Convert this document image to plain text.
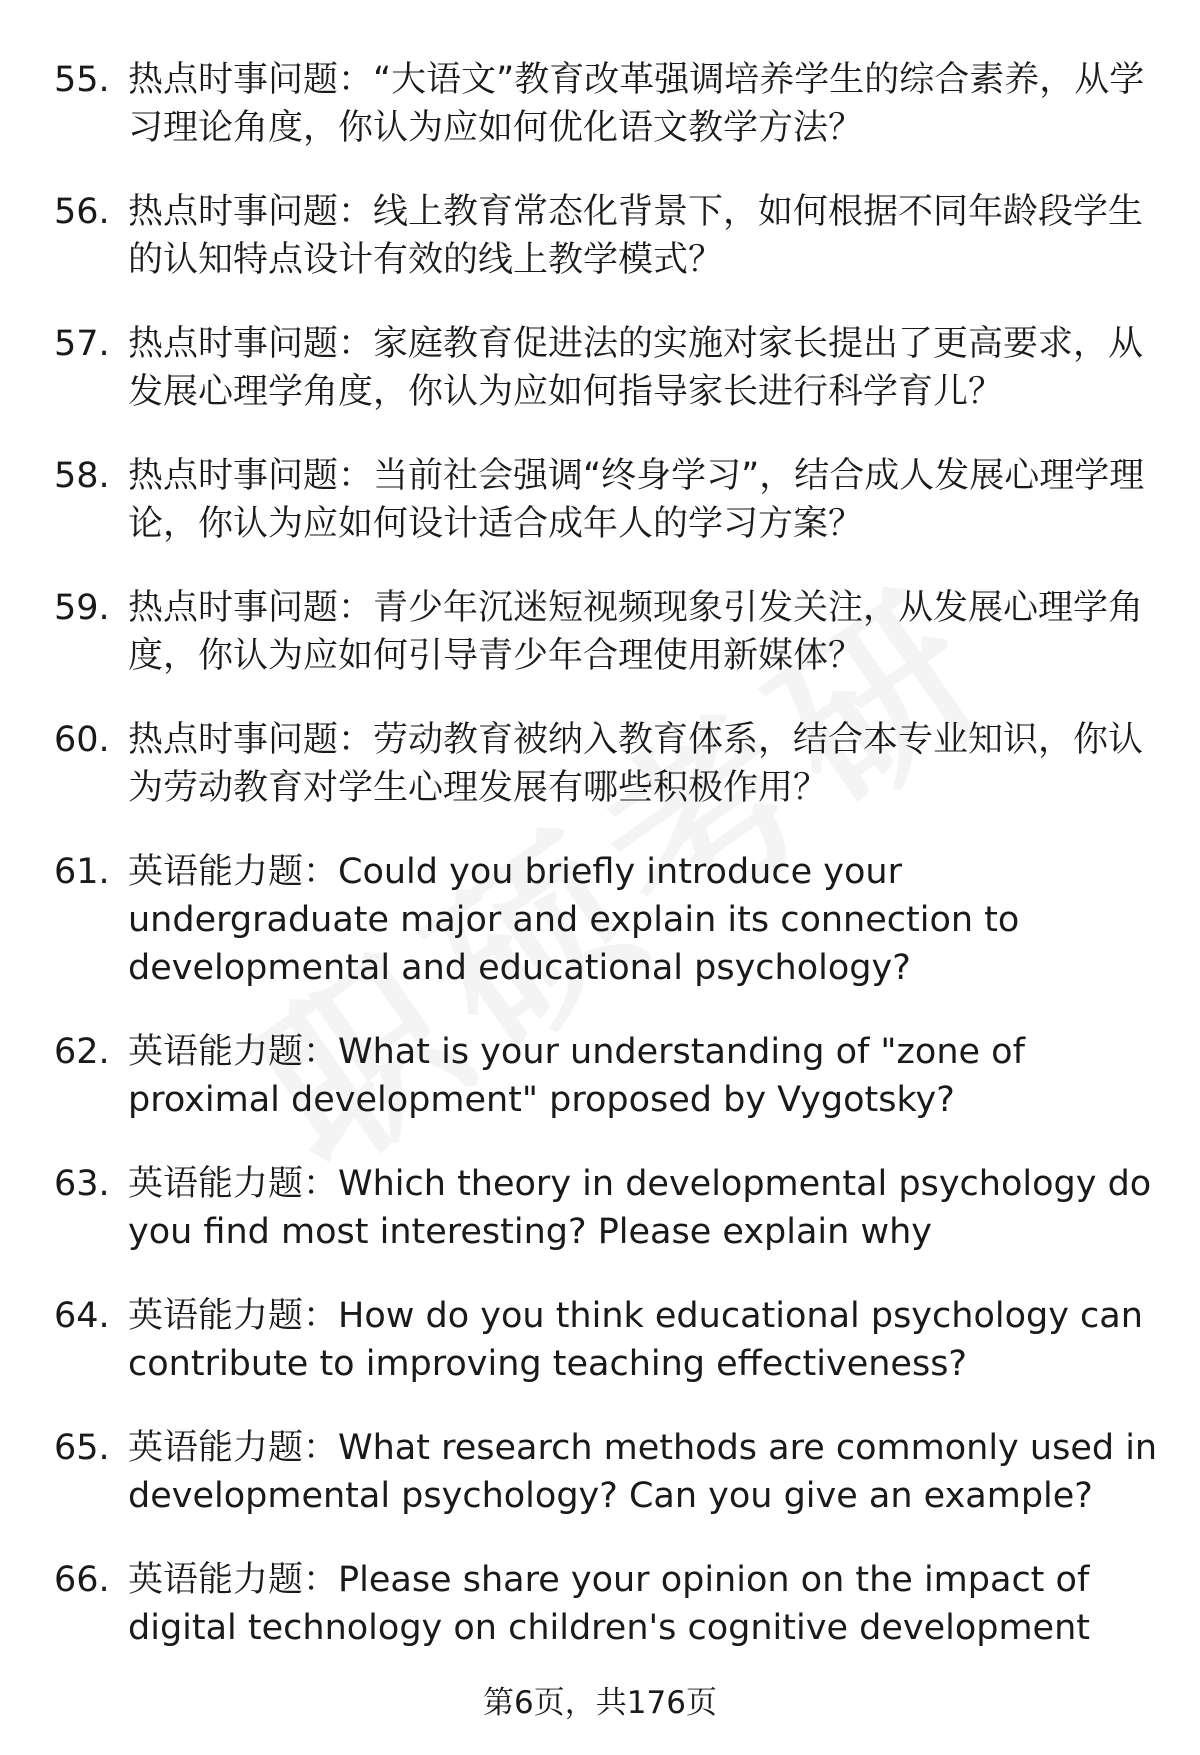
55. 热点时事问题：“大语文”教育改革强调培养学生的综合素养，从学习理论角度，你认为应如何优化语文教学方法？
56. 热点时事问题：线上教育常态化背景下，如何根据不同年龄段学生的认知特点设计有效的线上教学模式？
57. 热点时事问题：家庭教育促进法的实施对家长提出了更高要求，从发展心理学角度，你认为应如何指导家长进行科学育儿？
58. 热点时事问题：当前社会强调“终身学习”，结合成人发展心理学理论，你认为应如何设计适合成年人的学习方案？
59. 热点时事问题：青少年沉迷短视频现象引发关注，从发展心理学角度，你认为应如何引导青少年合理使用新媒体？
60. 热点时事问题：劳动教育被纳入教育体系，结合本专业知识，你认为劳动教育对学生心理发展有哪些积极作用？
61. 英语能力题：Could you briefly introduce your undergraduate major and explain its connection to developmental and educational psychology?
62. 英语能力题：What is your understanding of "zone of proximal development" proposed by Vygotsky?
63. 英语能力题：Which theory in developmental psychology do you find most interesting? Please explain why
64. 英语能力题：How do you think educational psychology can contribute to improving teaching effectiveness?
65. 英语能力题：What research methods are commonly used in developmental psychology? Can you give an example?
66. 英语能力题：Please share your opinion on the impact of digital technology on children's cognitive development
第6页，共176页
